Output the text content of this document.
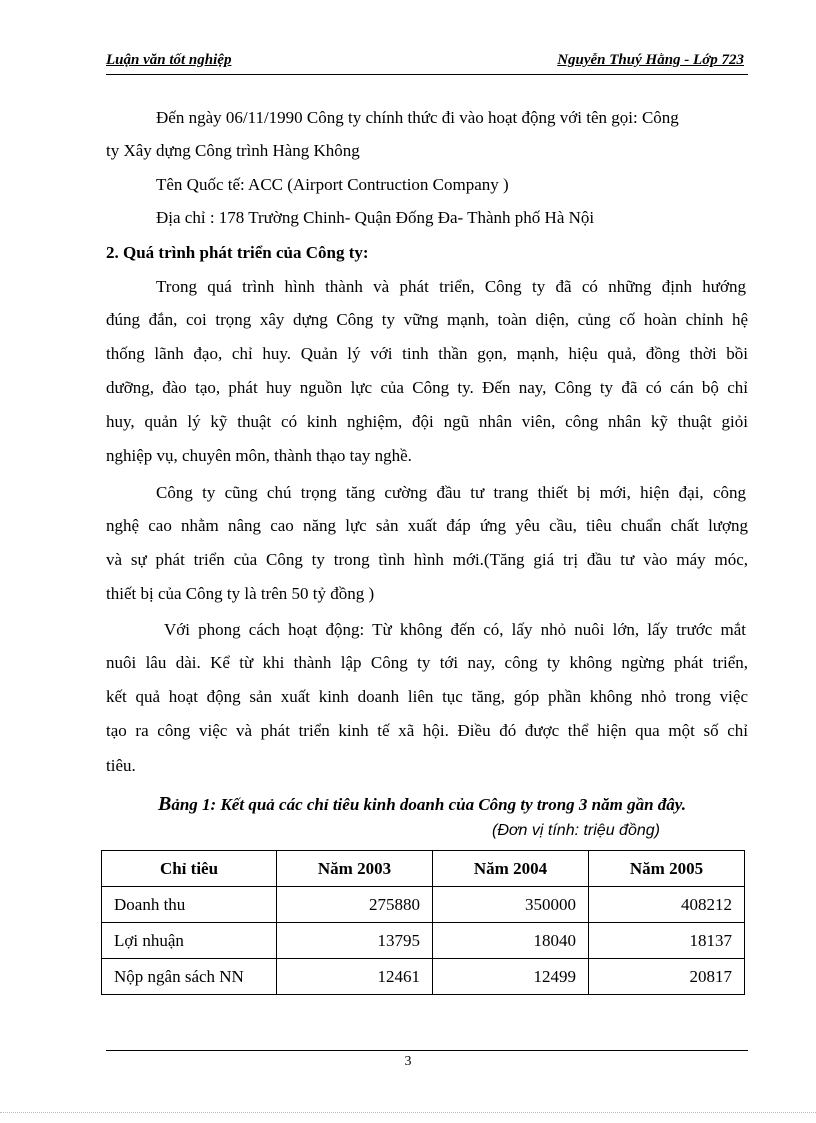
Luận văn tốt nghiệp	Nguyễn Thuý Hằng - Lớp 723
Đến ngày 06/11/1990 Công ty chính thức đi vào hoạt động với tên gọi: Công
ty Xây dựng Công trình Hàng Không
Tên Quốc tế: ACC (Airport Contruction Company )
Địa chỉ : 178 Trường Chinh- Quận Đống Đa- Thành phố Hà Nội
2. Quá trình phát triển của Công ty:
Trong quá trình hình thành và phát triển, Công ty đã có những định hướng
đúng đắn, coi trọng xây dựng Công ty vững mạnh, toàn diện, củng cố hoàn chỉnh hệ
thống lãnh đạo, chỉ huy. Quản lý với tinh thần gọn, mạnh, hiệu quả, đồng thời bồi
dưỡng, đào tạo, phát huy nguồn lực của Công ty. Đến nay, Công ty đã có cán bộ chỉ
huy, quản lý kỹ thuật có kinh nghiệm, đội ngũ nhân viên, công nhân kỹ thuật giỏi
nghiệp vụ, chuyên môn, thành thạo tay nghề.
Công ty cũng chú trọng tăng cường đầu tư trang thiết bị mới, hiện đại, công
nghệ cao nhằm nâng cao năng lực sản xuất đáp ứng yêu cầu, tiêu chuẩn chất lượng
và sự phát triển của Công ty trong tình hình mới.(Tăng giá trị đầu tư vào máy móc,
thiết bị của Công ty là trên 50 tỷ đồng )
Với phong cách hoạt động: Từ không đến có, lấy nhỏ nuôi lớn, lấy trước mắt
nuôi lâu dài. Kể từ khi thành lập Công ty tới nay, công ty không ngừng phát triển,
kết quả hoạt động sản xuất kinh doanh liên tục tăng, góp phần không nhỏ trong việc
tạo ra công việc và phát triển kinh tế xã hội. Điều đó được thể hiện qua một số chỉ
tiêu.
Bảng 1: Kết quả các chỉ tiêu kinh doanh của Công ty trong 3 năm gần đây.
(Đơn vị tính: triệu đồng)
Chỉ tiêu	Năm 2003	Năm 2004	Năm 2005
Doanh thu	275880	350000	408212
Lợi nhuận	13795	18040	18137
Nộp ngân sách NN	12461	12499	20817
3
